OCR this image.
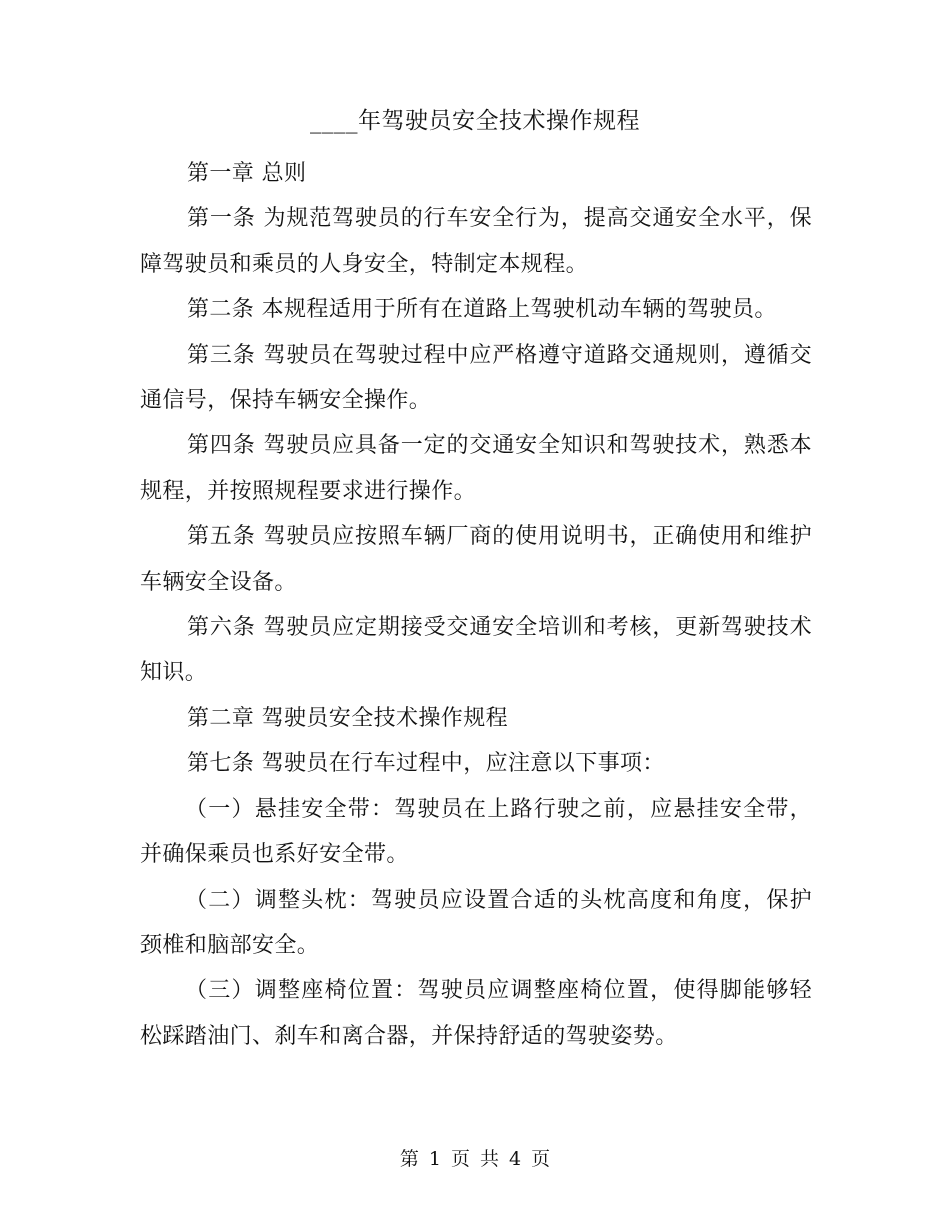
____年驾驶员安全技术操作规程

第一章 总则

第一条 为规范驾驶员的行车安全行为，提高交通安全水平，保障驾驶员和乘员的人身安全，特制定本规程。

第二条 本规程适用于所有在道路上驾驶机动车辆的驾驶员。

第三条 驾驶员在驾驶过程中应严格遵守道路交通规则，遵循交通信号，保持车辆安全操作。

第四条 驾驶员应具备一定的交通安全知识和驾驶技术，熟悉本规程，并按照规程要求进行操作。

第五条 驾驶员应按照车辆厂商的使用说明书，正确使用和维护车辆安全设备。

第六条 驾驶员应定期接受交通安全培训和考核，更新驾驶技术知识。

第二章 驾驶员安全技术操作规程

第七条 驾驶员在行车过程中，应注意以下事项：

（一）悬挂安全带：驾驶员在上路行驶之前，应悬挂安全带，并确保乘员也系好安全带。

（二）调整头枕：驾驶员应设置合适的头枕高度和角度，保护颈椎和脑部安全。

（三）调整座椅位置：驾驶员应调整座椅位置，使得脚能够轻松踩踏油门、刹车和离合器，并保持舒适的驾驶姿势。

第 1 页 共 4 页
